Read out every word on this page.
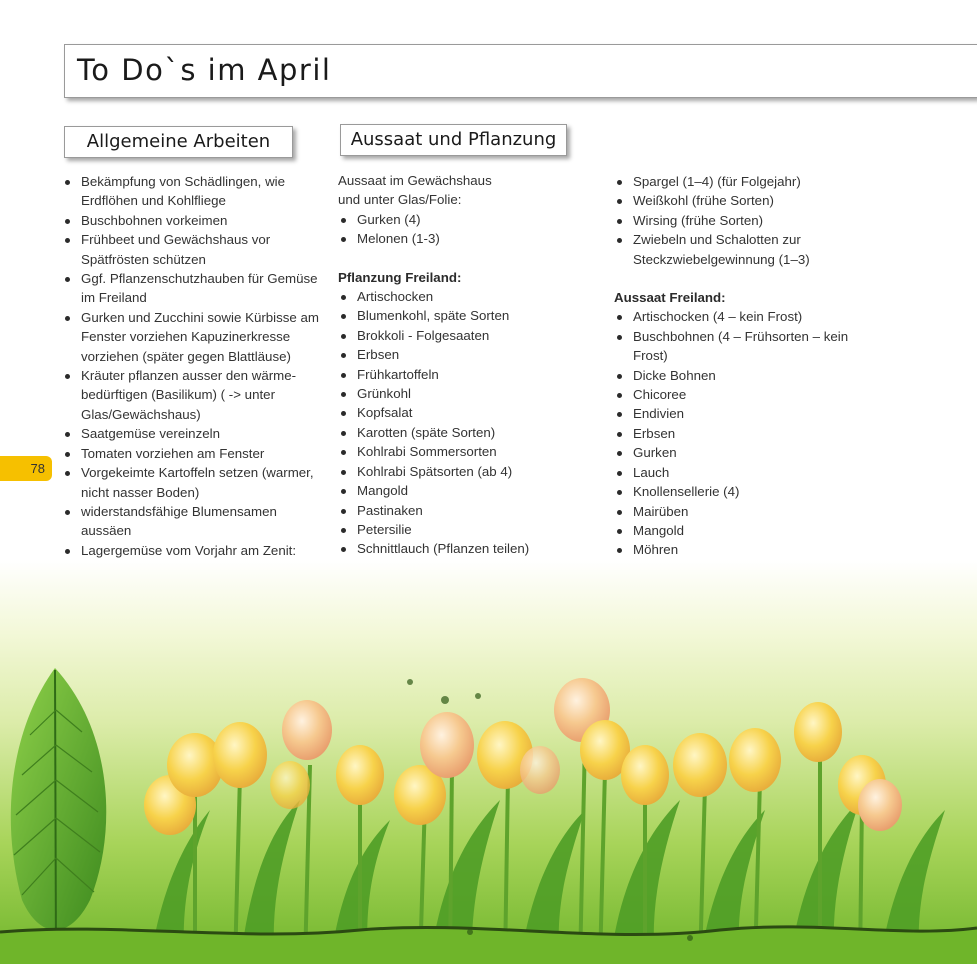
To Do`s im April
Allgemeine Arbeiten	Aussaat und Pflanzung
Bekämpfung von Schädlingen, wie Erdflöhen und Kohlfliege
Buschbohnen vorkeimen
Frühbeet und Gewächshaus vor Spätfrösten schützen
Ggf. Pflanzenschutzhauben für Gemüse im Freiland
Gurken und Zucchini sowie Kürbisse am Fenster vorziehen Kapuzinerkresse vorziehen (später gegen Blattläuse)
Kräuter pflanzen ausser den wärme-bedürftigen (Basilikum) ( -> unter Glas/Gewächshaus)
Saatgemüse vereinzeln
Tomaten vorziehen am Fenster
Vorgekeimte Kartoffeln setzen (warmer, nicht nasser Boden)
widerstandsfähige Blumensamen aussäen
Lagergemüse vom Vorjahr am Zenit:

Aussaat im Gewächshaus

und unter Glas/Folie:

Gurken (4)
Melonen (1-3)

Pflanzung Freiland:

Artischocken
Blumenkohl, späte Sorten
Brokkoli - Folgesaaten
Erbsen
Frühkartoffeln
Grünkohl
Kopfsalat
Karotten (späte Sorten)
Kohlrabi Sommersorten
Kohlrabi Spätsorten (ab 4)
Mangold
Pastinaken
Petersilie
Schnittlauch (Pflanzen teilen)
Spargel (1–4) (für Folgejahr)
Weißkohl (frühe Sorten)
Wirsing (frühe Sorten)
Zwiebeln und Schalotten zur Steckzwiebelgewinnung (1–3)

Aussaat Freiland:

Artischocken (4 – kein Frost)
Buschbohnen (4 – Frühsorten – kein Frost)
Dicke Bohnen
Chicoree
Endivien
Erbsen
Gurken
Lauch
Knollensellerie (4)
Mairüben
Mangold
Möhren
78
